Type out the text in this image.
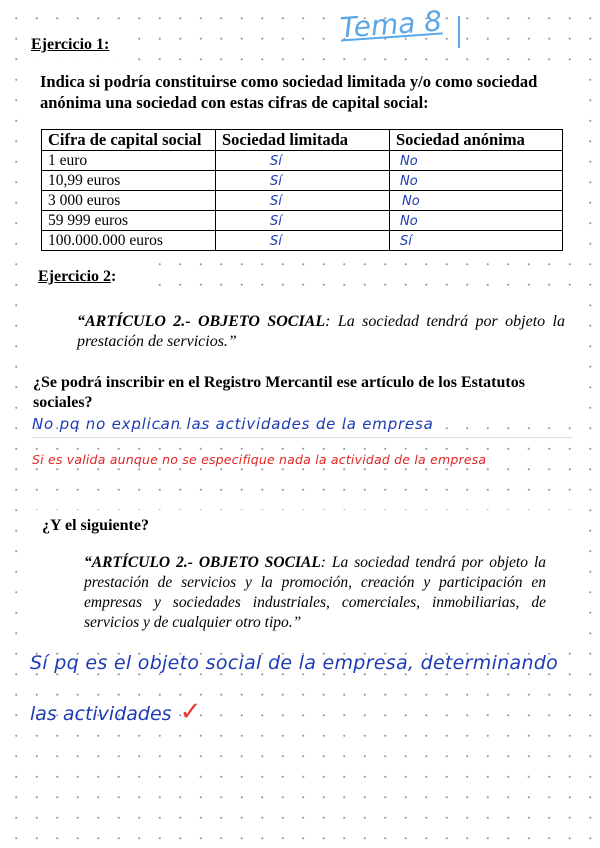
Tema 8
Ejercicio 1:
Indica si podría constituirse como sociedad limitada y/o como sociedad anónima una sociedad con estas cifras de capital social:
Cifra de capital social	Sociedad limitada	Sociedad anónima
1 euro	Sí	No
10,99 euros	Sí	No
3 000 euros	Sí	No
59 999 euros	Sí	No
100.000.000 euros	Sí	Sí
Ejercicio 2:
“ARTÍCULO 2.- OBJETO SOCIAL: La sociedad tendrá por objeto la prestación de servicios.”
¿Se podrá inscribir en el Registro Mercantil ese artículo de los Estatutos sociales?
No pq no explican las actividades de la empresa
Si es valida aunque no se especifique nada la actividad de la empresa
¿Y el siguiente?
“ARTÍCULO 2.- OBJETO SOCIAL: La sociedad tendrá por objeto la prestación de servicios y la promoción, creación y participación en empresas y sociedades industriales, comerciales, inmobiliarias, de servicios y de cualquier otro tipo.”
Sí pq es el objeto social de la empresa, determinando
las actividades ✓
